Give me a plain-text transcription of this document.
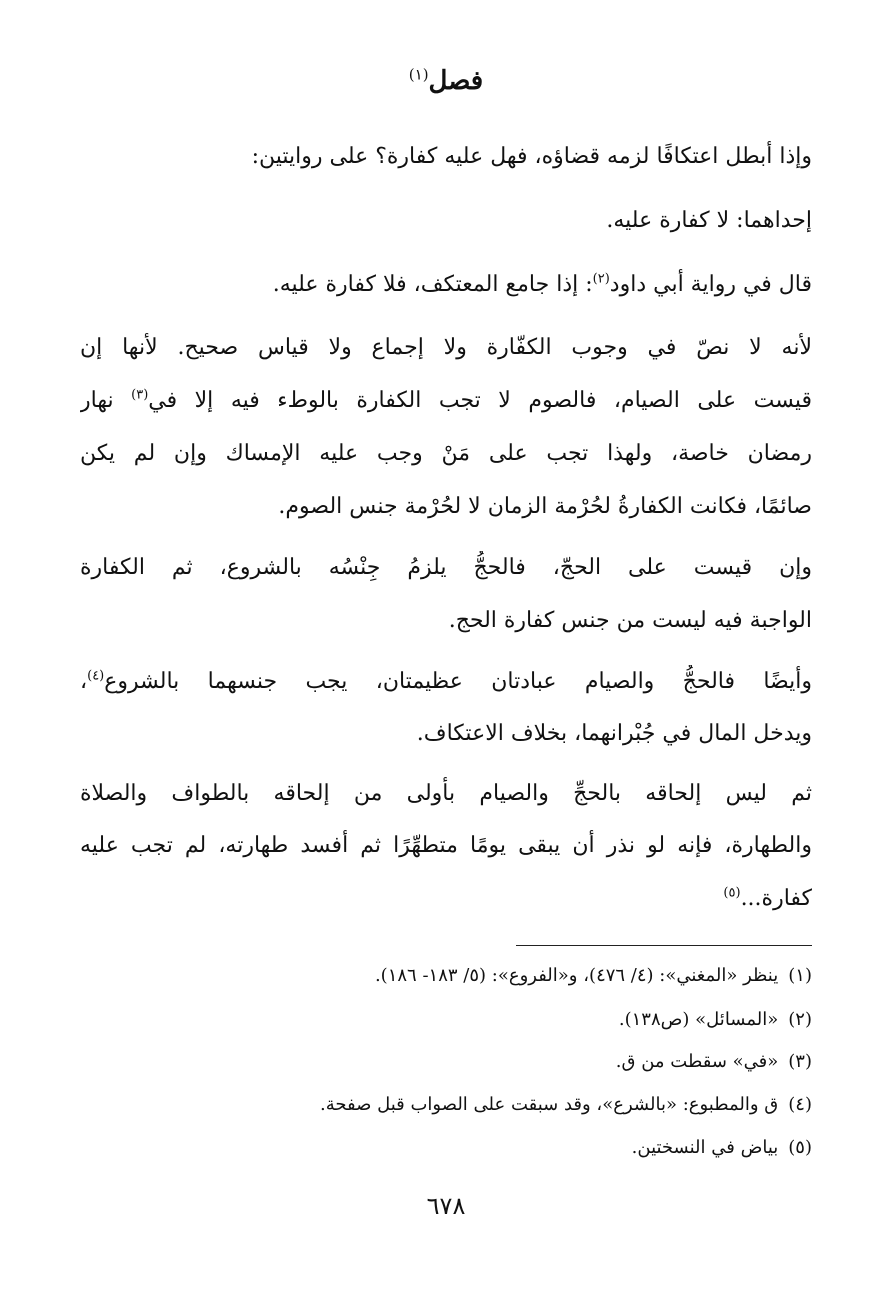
فصل$^{(١)}$
وإذا أبطل اعتكافًا لزمه قضاؤه، فهل عليه كفارة؟ على روايتين:
إحداهما: لا كفارة عليه.
قال في رواية أبي داود$^{(٢)}$: إذا جامع المعتكف، فلا كفارة عليه.
لأنه لا نصّ في وجوب الكفّارة ولا إجماع ولا قياس صحيح. لأنها إن
قيست على الصيام، فالصوم لا تجب الكفارة بالوطء فيه إلا في$^{(٣)}$ نهار
رمضان خاصة، ولهذا تجب على مَنْ وجب عليه الإمساك وإن لم يكن
صائمًا، فكانت الكفارةُ لحُرْمة الزمان لا لحُرْمة جنس الصوم.
وإن قيست على الحجّ، فالحجُّ يلزمُ جِنْسُه بالشروع، ثم الكفارة
الواجبة فيه ليست من جنس كفارة الحج.
وأيضًا فالحجُّ والصيام عبادتان عظيمتان، يجب جنسهما بالشروع$^{(٤)}$،
ويدخل المال في جُبْرانهما، بخلاف الاعتكاف.
ثم ليس إلحاقه بالحجِّ والصيام بأولى من إلحاقه بالطواف والصلاة
والطهارة، فإنه لو نذر أن يبقى يومًا متطهِّرًا ثم أفسد طهارته، لم تجب عليه
كفارة...$^{(٥)}$
(١)ينظر «المغني»: (٤/ ٤٧٦)، و«الفروع»: (٥/ ١٨٣- ١٨٦).
(٢)«المسائل» (ص١٣٨).
(٣)«في» سقطت من ق.
(٤)ق والمطبوع: «بالشرع»، وقد سبقت على الصواب قبل صفحة.
(٥)بياض في النسختين.
٦٧٨
